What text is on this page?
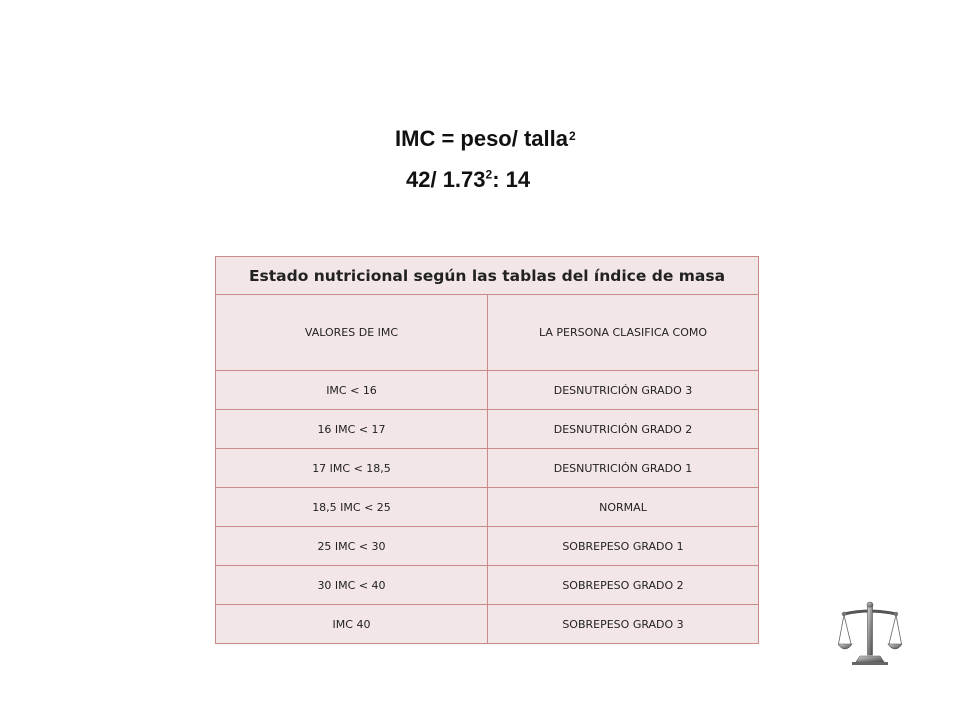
IMC = peso/ talla$^2$
42/ 1.73$^2$: 14
Estado nutricional según las tablas del índice de masa	
VALORES DE IMC	LA PERSONA CLASIFICA COMO
IMC < 16	DESNUTRICIÓN GRADO 3
16 IMC < 17	DESNUTRICIÓN GRADO 2
17 IMC < 18,5	DESNUTRICIÓN GRADO 1
18,5 IMC < 25	NORMAL
25 IMC < 30	SOBREPESO GRADO 1
30 IMC < 40	SOBREPESO GRADO 2
IMC 40	SOBREPESO GRADO 3
